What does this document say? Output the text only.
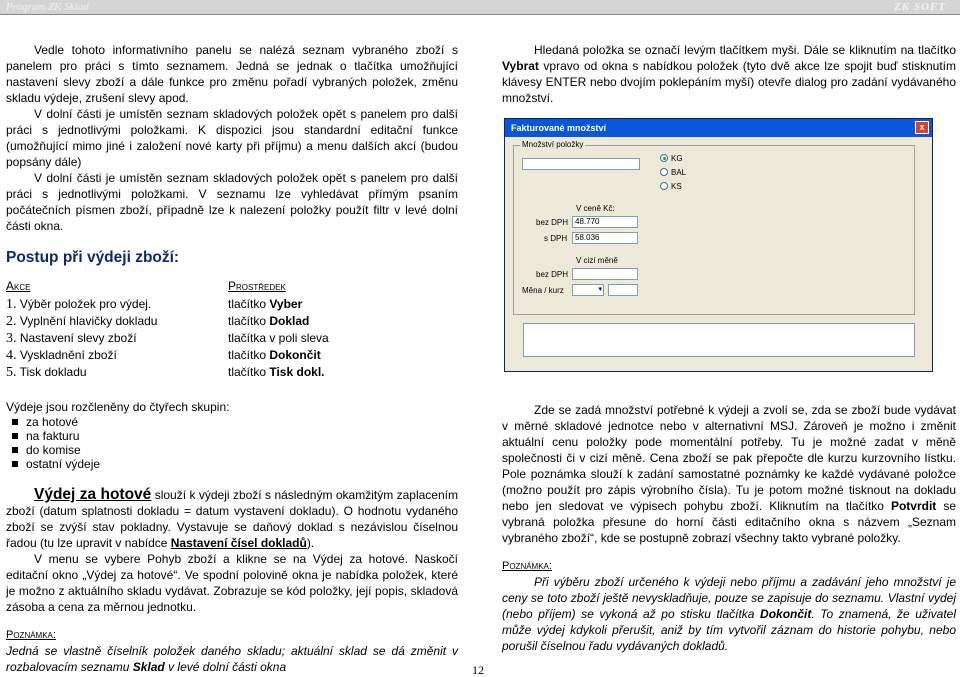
Program ZK Sklad	ZK SOFT

Vedle tohoto informativního panelu se nalézá seznam vybraného zboží s panelem pro práci s tímto seznamem. Jedná se jednak o tlačítka umožňující nastavení slevy zboží a dále funkce pro změnu pořadí vybraných položek, změnu skladu výdeje, zrušení slevy apod.

V dolní části je umístěn seznam skladových položek opět s panelem pro další práci s jednotlivými položkami. K dispozici jsou standardní editační funkce (umožňující mimo jiné i založení nové karty při příjmu) a menu dalších akcí (budou popsány dále)

V dolní části je umístěn seznam skladových položek opět s panelem pro další práci s jednotlivými položkami. V seznamu lze vyhledávat přímým psaním počátečních písmen zboží, případně lze k nalezení položky použít filtr v levé dolní části okna.

Postup při výdeji zboží:
Akce	Prostředek
1. Výběr položek pro výdej.	tlačítko Vyber
2. Vyplnění hlavičky dokladu	tlačítko Doklad
3. Nastavení slevy zboží	tlačítka v poli sleva
4. Vyskladnění zboží	tlačítko Dokončit
5. Tisk dokladu	tlačítko Tisk dokl.

Výdeje jsou rozčleněny do čtyřech skupin:

za hotové
na fakturu
do komise
ostatní výdeje

Výdej za hotové slouží k výdeji zboží s následným okamžitým zaplacením zboží (datum splatnosti dokladu = datum vystavení dokladu). O hodnotu vydaného zboží se zvýší stav pokladny. Vystavuje se daňový doklad s nezávislou číselnou řadou (tu lze upravit v nabídce Nastavení čísel dokladů).

V menu se vybere Pohyb zboží a klikne se na Výdej za hotové. Naskočí editační okno „Výdej za hotové“. Ve spodní polovině okna je nabídka položek, které je možno z aktuálního skladu vydávat. Zobrazuje se kód položky, její popis, skladová zásoba a cena za měrnou jednotku.

Poznámka:

Jedná se vlastně číselník položek daného skladu; aktuální sklad se dá změnit v rozbalovacím seznamu Sklad v levé dolní části okna

Hledaná položka se označí levým tlačítkem myši. Dále se kliknutím na tlačítko Vybrat vpravo od okna s nabídkou položek (tyto dvě akce lze spojit buď stisknutím klávesy ENTER nebo dvojím poklepáním myší) otevře dialog pro zadání vydávaného množství.

Fakturované množství	x
Množství položky
KG
BAL
KS
V ceně Kč:
bez DPH 48.770
s DPH 58.036
V cizí měně
bez DPH
Měna / kurz	▾

Zde se zadá množství potřebné k výdeji a zvolí se, zda se zboží bude vydávat v měrné skladové jednotce nebo v alternativní MSJ. Zároveň je možno i změnit aktuální cenu položky pode momentální potřeby. Tu je možné zadat v měně společnosti či v cizí měně. Cena zboží se pak přepočte dle kurzu kurzovního lístku. Pole poznámka slouží k zadání samostatné poznámky ke každé vydávané položce (možno použít pro zápis výrobního čísla). Tu je potom možné tisknout na dokladu nebo jen sledovat ve výpisech pohybu zboží. Kliknutím na tlačítko Potvrdit se vybraná položka přesune do horní části editačního okna s názvem „Seznam vybraného zboží“, kde se postupně zobrazí všechny takto vybrané položky.

Poznámka:

Při výběru zboží určeného k výdeji nebo příjmu a zadávání jeho množství je ceny se toto zboží ještě nevyskladňuje, pouze se zapisuje do seznamu. Vlastní vydej (nebo příjem) se vykoná až po stisku tlačítka Dokončit. To znamená, že uživatel může výdej kdykoli přerušit, aniž by tím vytvořil záznam do historie pohybu, nebo porušil číselnou řadu vydávaných dokladů.

12
